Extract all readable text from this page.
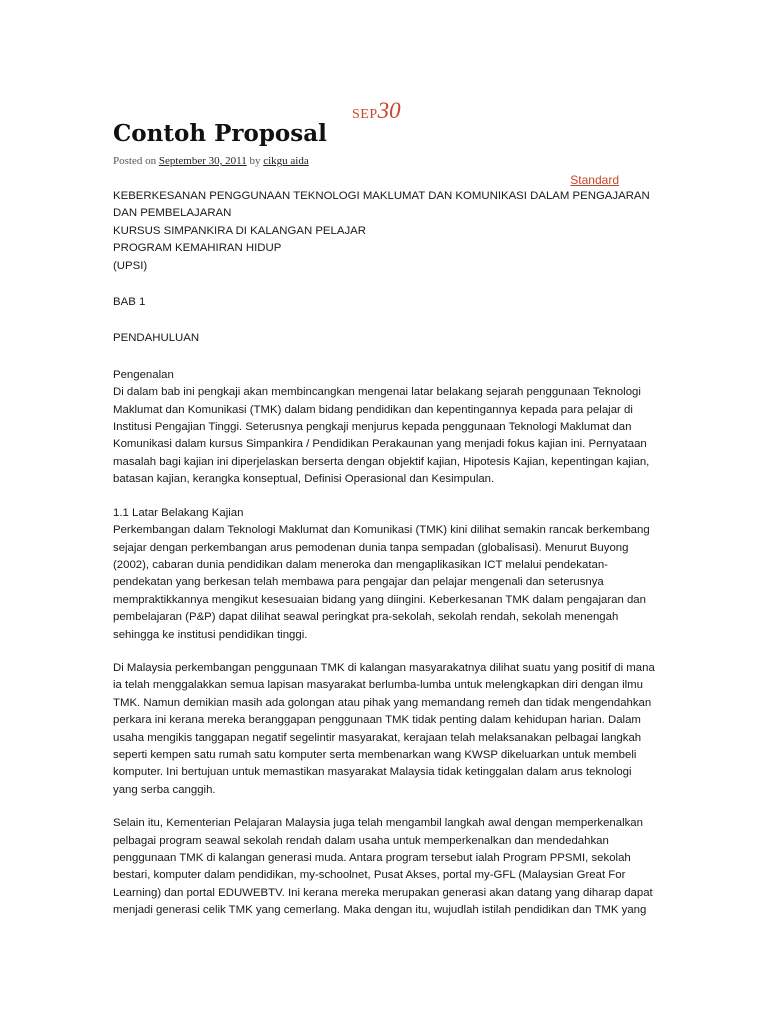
SEP30
Contoh Proposal
Posted on September 30, 2011 by cikgu aida
Standard
KEBERKESANAN PENGGUNAAN TEKNOLOGI MAKLUMAT DAN KOMUNIKASI DALAM PENGAJARAN DAN PEMBELAJARAN
KURSUS SIMPANKIRA DI KALANGAN PELAJAR
PROGRAM KEMAHIRAN HIDUP
(UPSI)
BAB 1
PENDAHULUAN
Pengenalan

Di dalam bab ini pengkaji akan membincangkan mengenai latar belakang sejarah penggunaan Teknologi Maklumat dan Komunikasi (TMK) dalam bidang pendidikan dan kepentingannya kepada para pelajar di Institusi Pengajian Tinggi. Seterusnya pengkaji menjurus kepada penggunaan Teknologi Maklumat dan Komunikasi dalam kursus Simpankira / Pendidikan Perakaunan yang menjadi fokus kajian ini. Pernyataan masalah bagi kajian ini diperjelaskan berserta dengan objektif kajian, Hipotesis Kajian, kepentingan kajian, batasan kajian, kerangka konseptual, Definisi Operasional dan Kesimpulan.

1.1 Latar Belakang Kajian

Perkembangan dalam Teknologi Maklumat dan Komunikasi (TMK) kini dilihat semakin rancak berkembang sejajar dengan perkembangan arus pemodenan dunia tanpa sempadan (globalisasi). Menurut Buyong (2002), cabaran dunia pendidikan dalam meneroka dan mengaplikasikan ICT melalui pendekatan-pendekatan yang berkesan telah membawa para pengajar dan pelajar mengenali dan seterusnya mempraktikkannya mengikut kesesuaian bidang yang diingini. Keberkesanan TMK dalam pengajaran dan pembelajaran (P&P) dapat dilihat seawal peringkat pra-sekolah, sekolah rendah, sekolah menengah sehingga ke institusi pendidikan tinggi.

Di Malaysia perkembangan penggunaan TMK di kalangan masyarakatnya dilihat suatu yang positif di mana ia telah menggalakkan semua lapisan masyarakat berlumba-lumba untuk melengkapkan diri dengan ilmu TMK. Namun demikian masih ada golongan atau pihak yang memandang remeh dan tidak mengendahkan perkara ini kerana mereka beranggapan penggunaan TMK tidak penting dalam kehidupan harian. Dalam usaha mengikis tanggapan negatif segelintir masyarakat, kerajaan telah melaksanakan pelbagai langkah seperti kempen satu rumah satu komputer serta membenarkan wang KWSP dikeluarkan untuk membeli komputer. Ini bertujuan untuk memastikan masyarakat Malaysia tidak ketinggalan dalam arus teknologi yang serba canggih.

Selain itu, Kementerian Pelajaran Malaysia juga telah mengambil langkah awal dengan memperkenalkan pelbagai program seawal sekolah rendah dalam usaha untuk memperkenalkan dan mendedahkan penggunaan TMK di kalangan generasi muda. Antara program tersebut ialah Program PPSMI, sekolah bestari, komputer dalam pendidikan, my-schoolnet, Pusat Akses, portal my-GFL (Malaysian Great For Learning) dan portal EDUWEBTV. Ini kerana mereka merupakan generasi akan datang yang diharap dapat menjadi generasi celik TMK yang cemerlang. Maka dengan itu, wujudlah istilah pendidikan dan TMK yang
